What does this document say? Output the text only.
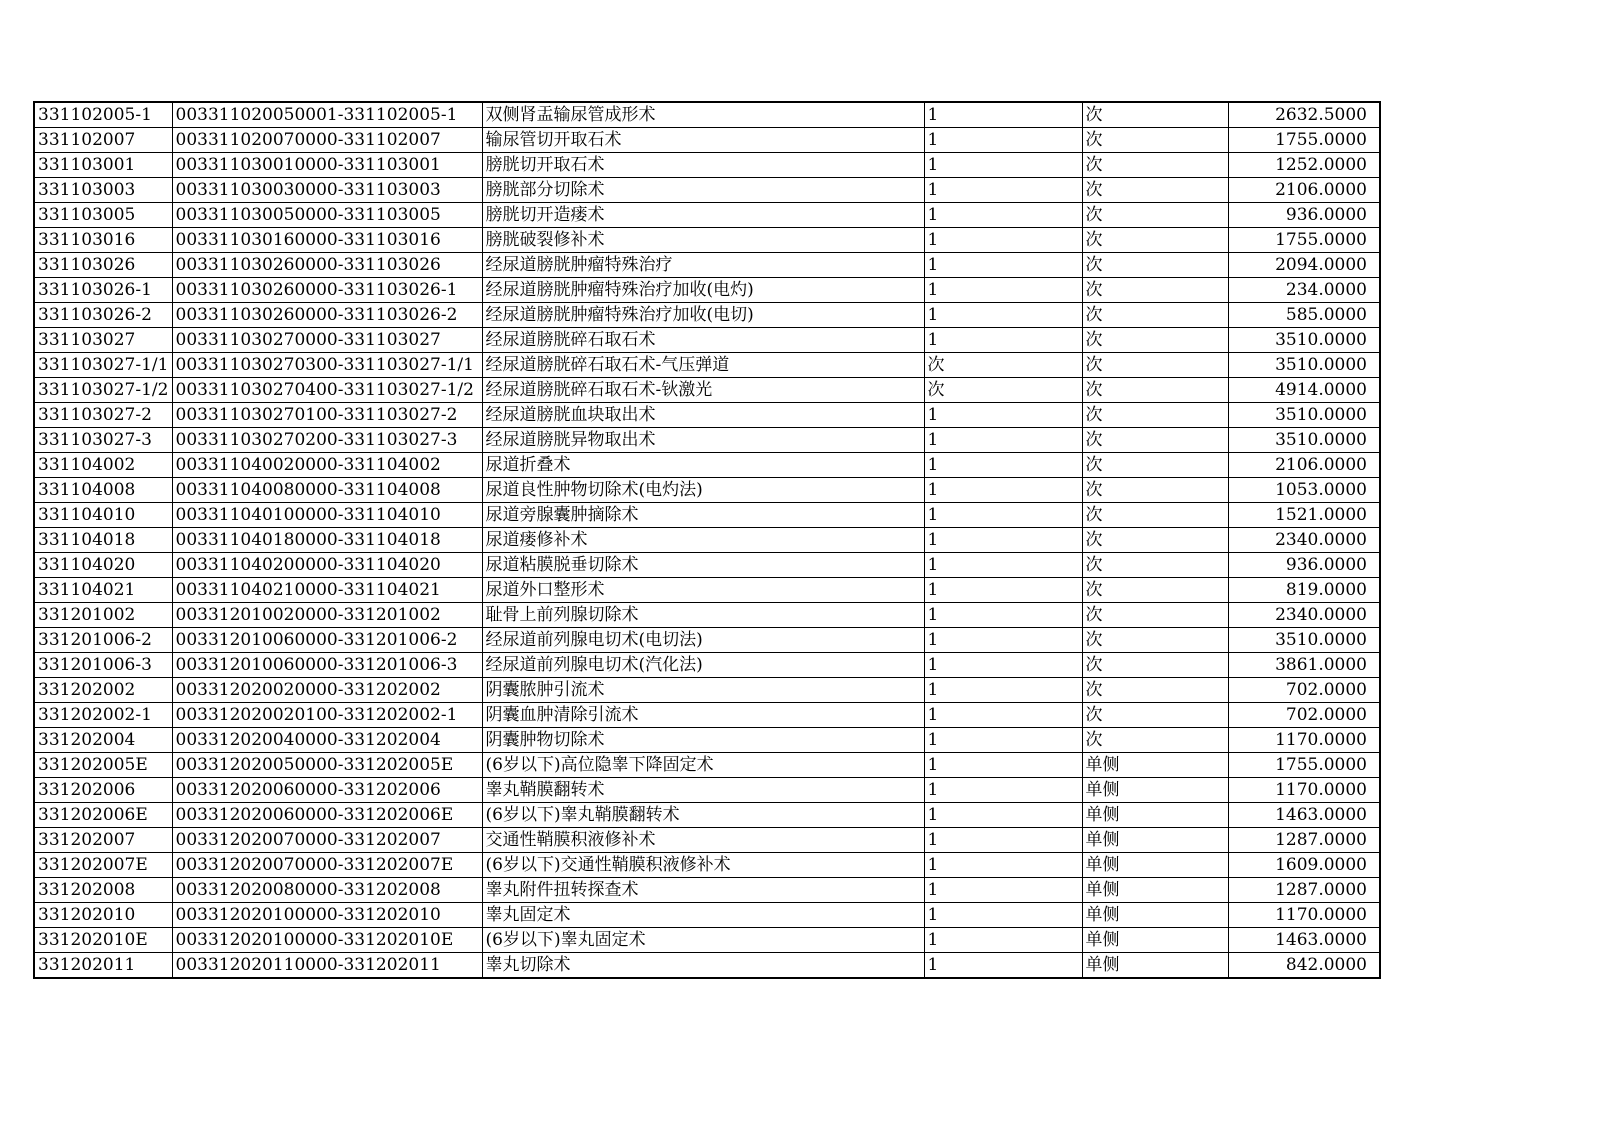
331102005-1	003311020050001-331102005-1	双侧肾盂输尿管成形术	1	次	2632.5000
331102007	003311020070000-331102007	输尿管切开取石术	1	次	1755.0000
331103001	003311030010000-331103001	膀胱切开取石术	1	次	1252.0000
331103003	003311030030000-331103003	膀胱部分切除术	1	次	2106.0000
331103005	003311030050000-331103005	膀胱切开造瘘术	1	次	936.0000
331103016	003311030160000-331103016	膀胱破裂修补术	1	次	1755.0000
331103026	003311030260000-331103026	经尿道膀胱肿瘤特殊治疗	1	次	2094.0000
331103026-1	003311030260000-331103026-1	经尿道膀胱肿瘤特殊治疗加收(电灼)	1	次	234.0000
331103026-2	003311030260000-331103026-2	经尿道膀胱肿瘤特殊治疗加收(电切)	1	次	585.0000
331103027	003311030270000-331103027	经尿道膀胱碎石取石术	1	次	3510.0000
331103027-1/1	003311030270300-331103027-1/1	经尿道膀胱碎石取石术-气压弹道	次	次	3510.0000
331103027-1/2	003311030270400-331103027-1/2	经尿道膀胱碎石取石术-钬激光	次	次	4914.0000
331103027-2	003311030270100-331103027-2	经尿道膀胱血块取出术	1	次	3510.0000
331103027-3	003311030270200-331103027-3	经尿道膀胱异物取出术	1	次	3510.0000
331104002	003311040020000-331104002	尿道折叠术	1	次	2106.0000
331104008	003311040080000-331104008	尿道良性肿物切除术(电灼法)	1	次	1053.0000
331104010	003311040100000-331104010	尿道旁腺囊肿摘除术	1	次	1521.0000
331104018	003311040180000-331104018	尿道瘘修补术	1	次	2340.0000
331104020	003311040200000-331104020	尿道粘膜脱垂切除术	1	次	936.0000
331104021	003311040210000-331104021	尿道外口整形术	1	次	819.0000
331201002	003312010020000-331201002	耻骨上前列腺切除术	1	次	2340.0000
331201006-2	003312010060000-331201006-2	经尿道前列腺电切术(电切法)	1	次	3510.0000
331201006-3	003312010060000-331201006-3	经尿道前列腺电切术(汽化法)	1	次	3861.0000
331202002	003312020020000-331202002	阴囊脓肿引流术	1	次	702.0000
331202002-1	003312020020100-331202002-1	阴囊血肿清除引流术	1	次	702.0000
331202004	003312020040000-331202004	阴囊肿物切除术	1	次	1170.0000
331202005E	003312020050000-331202005E	(6岁以下)高位隐睾下降固定术	1	单侧	1755.0000
331202006	003312020060000-331202006	睾丸鞘膜翻转术	1	单侧	1170.0000
331202006E	003312020060000-331202006E	(6岁以下)睾丸鞘膜翻转术	1	单侧	1463.0000
331202007	003312020070000-331202007	交通性鞘膜积液修补术	1	单侧	1287.0000
331202007E	003312020070000-331202007E	(6岁以下)交通性鞘膜积液修补术	1	单侧	1609.0000
331202008	003312020080000-331202008	睾丸附件扭转探查术	1	单侧	1287.0000
331202010	003312020100000-331202010	睾丸固定术	1	单侧	1170.0000
331202010E	003312020100000-331202010E	(6岁以下)睾丸固定术	1	单侧	1463.0000
331202011	003312020110000-331202011	睾丸切除术	1	单侧	842.0000
